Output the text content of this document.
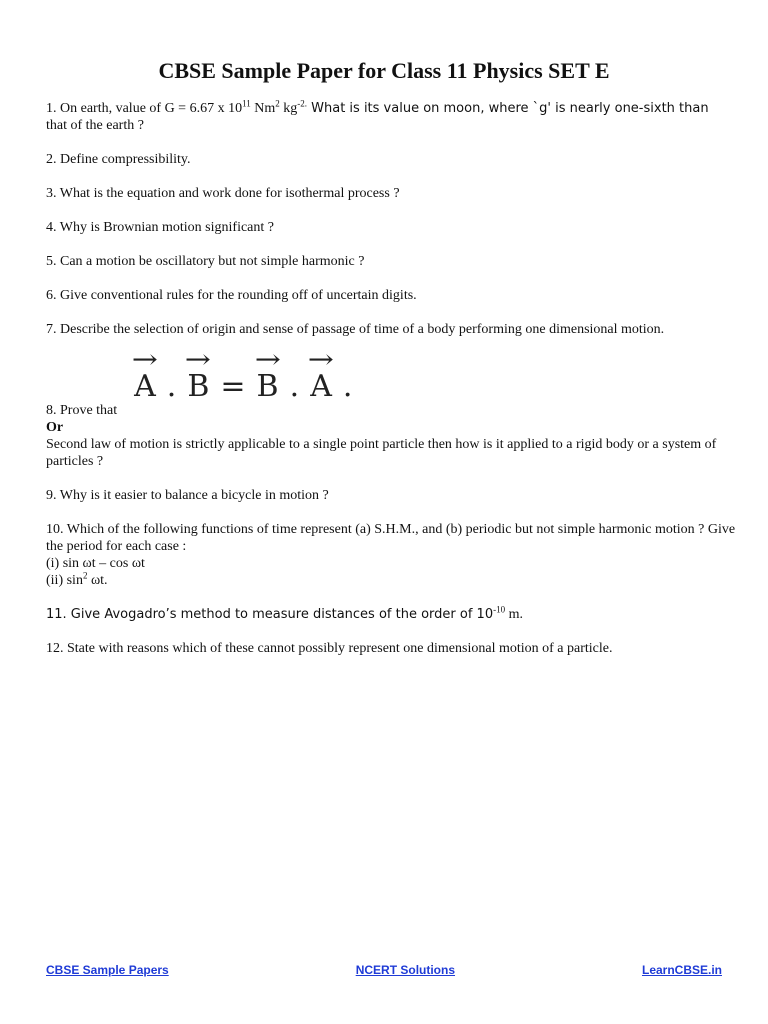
CBSE Sample Paper for Class 11 Physics SET E
1. On earth, value of G = 6.67 x $10^{11}$ Nm$^2$ $kg^{-2.}$ What is its value on moon, where `g' is nearly one-sixth than
that of the earth ?
2. Define compressibility.
3. What is the equation and work done for isothermal process ?
4. Why is Brownian motion significant ?
5. Can a motion be oscillatory but not simple harmonic ?
6. Give conventional rules for the rounding off of uncertain digits.
7. Describe the selection of origin and sense of passage of time of a body performing one dimensional motion.
→
A .
→
B =
→
B .
→
A .
8. Prove that
Or
Second law of motion is strictly applicable to a single point particle then how is it applied to a rigid body or a system of particles ?
9. Why is it easier to balance a bicycle in motion ?
10. Which of the following functions of time represent (a) S.H.M., and (b) periodic but not simple harmonic motion ? Give the period for each case :
(i) sin ωt – cos ωt
(ii) $\sin^2 \omega t$.
11. Give Avogadro’s method to measure distances of the order of $10^{-10}$ m.
12. State with reasons which of these cannot possibly represent one dimensional motion of a particle.
CBSE Sample Papers	NCERT Solutions	LearnCBSE.in
